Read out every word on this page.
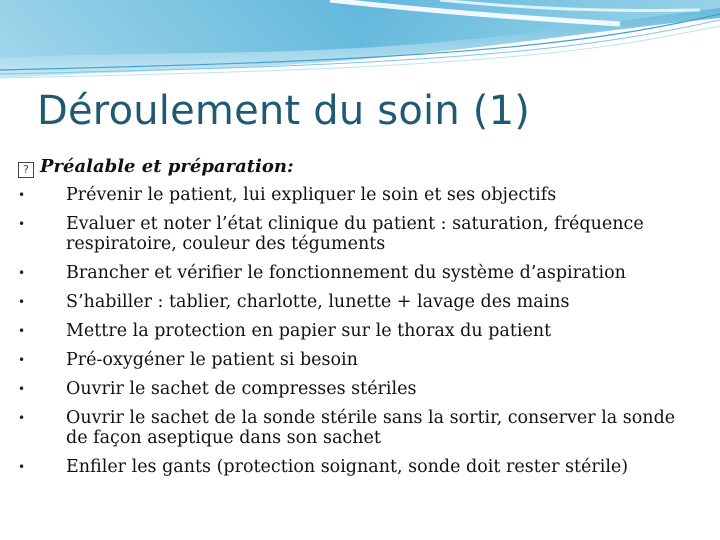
Déroulement du soin (1)
? Préalable et préparation:
•	Prévenir le patient, lui expliquer le soin et ses objectifs
•	Evaluer et noter l’état clinique du patient : saturation, fréquence respiratoire, couleur des téguments
•	Brancher et vérifier le fonctionnement du système d’aspiration
•	S’habiller : tablier, charlotte, lunette + lavage des mains
•	Mettre la protection en papier sur le thorax du patient
•	Pré-oxygéner le patient si besoin
•	Ouvrir le sachet de compresses stériles
•	Ouvrir le sachet de la sonde stérile sans la sortir, conserver la sonde de façon aseptique dans son sachet
•	Enfiler les gants (protection soignant, sonde doit rester stérile)
